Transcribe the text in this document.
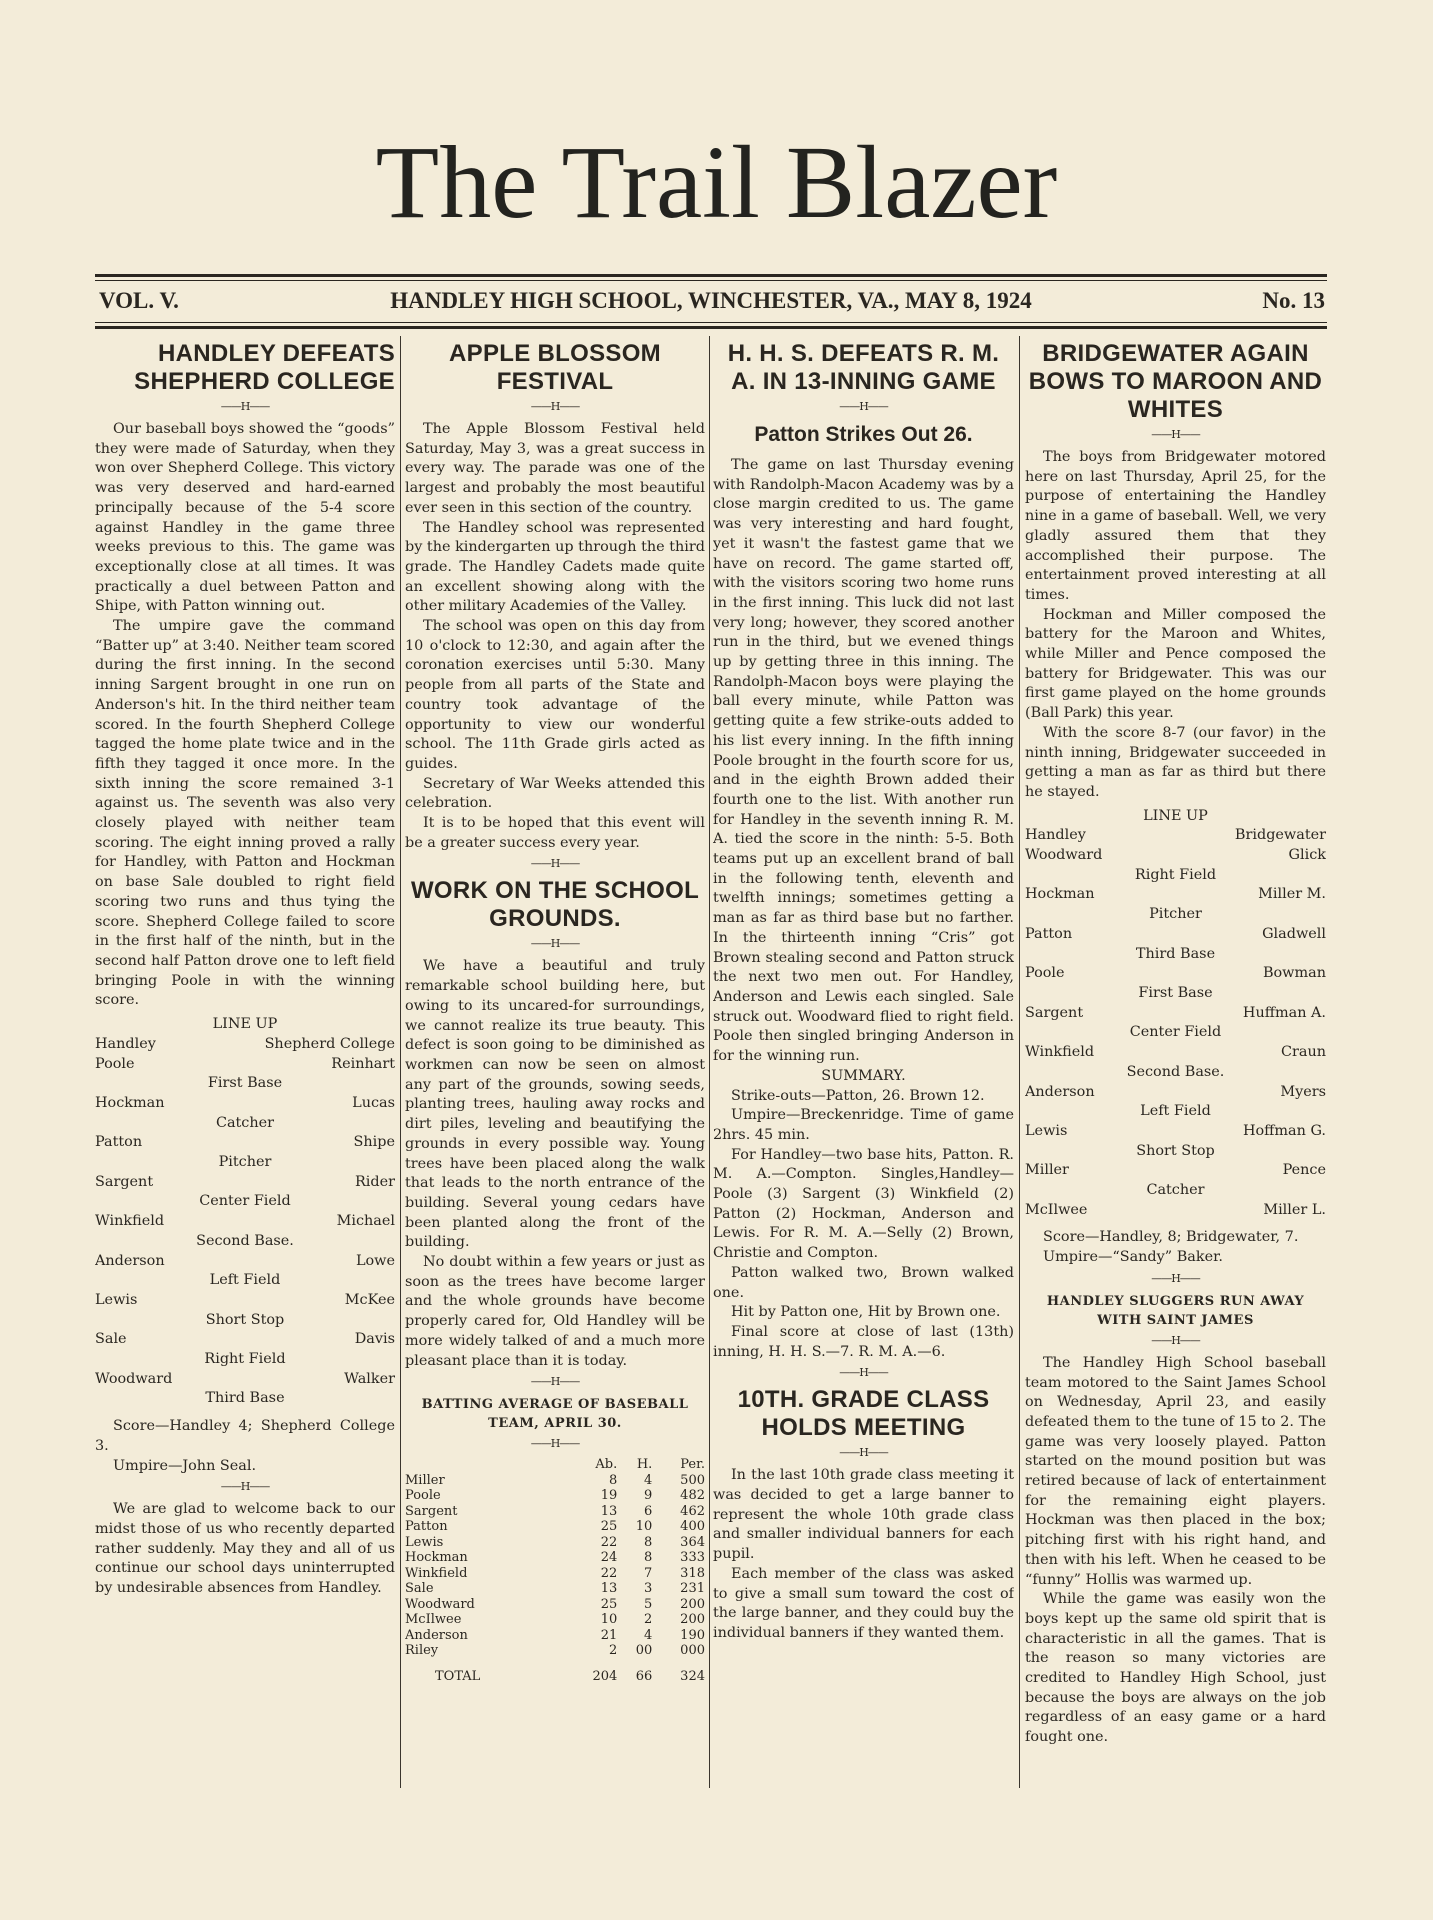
The Trail Blazer
VOL. V.	HANDLEY HIGH SCHOOL, WINCHESTER, VA., MAY 8, 1924	No. 13
HANDLEY DEFEATS SHEPHERD COLLEGE
——H——

Our baseball boys showed the “goods” they were made of Saturday, when they won over Shepherd College. This victory was very deserved and hard-earned principally because of the 5-4 score against Handley in the game three weeks previous to this. The game was exceptionally close at all times. It was practically a duel between Patton and Shipe, with Patton winning out.

The umpire gave the command “Batter up” at 3:40. Neither team scored during the first inning. In the second inning Sargent brought in one run on Anderson's hit. In the third neither team scored. In the fourth Shepherd College tagged the home plate twice and in the fifth they tagged it once more. In the sixth inning the score remained 3-1 against us. The seventh was also very closely played with neither team scoring. The eight inning proved a rally for Handley, with Patton and Hockman on base Sale doubled to right field scoring two runs and thus tying the score. Shepherd College failed to score in the first half of the ninth, but in the second half Patton drove one to left field bringing Poole in with the winning score.

LINE UP
Handley	Shepherd College
Poole	Reinhart
First Base
Hockman	Lucas
Catcher
Patton	Shipe
Pitcher
Sargent	Rider
Center Field
Winkfield	Michael
Second Base.
Anderson	Lowe
Left Field
Lewis	McKee
Short Stop
Sale	Davis
Right Field
Woodward	Walker
Third Base

Score—Handley 4; Shepherd College 3.

Umpire—John Seal.

——H——

We are glad to welcome back to our midst those of us who recently departed rather suddenly. May they and all of us continue our school days uninterrupted by undesirable absences from Handley.

APPLE BLOSSOM FESTIVAL
——H——

The Apple Blossom Festival held Saturday, May 3, was a great success in every way. The parade was one of the largest and probably the most beautiful ever seen in this section of the country.

The Handley school was represented by the kindergarten up through the third grade. The Handley Cadets made quite an excellent showing along with the other military Academies of the Valley.

The school was open on this day from 10 o'clock to 12:30, and again after the coronation exercises until 5:30. Many people from all parts of the State and country took advantage of the opportunity to view our wonderful school. The 11th Grade girls acted as guides.

Secretary of War Weeks attended this celebration.

It is to be hoped that this event will be a greater success every year.

——H——
WORK ON THE SCHOOL GROUNDS.
——H——

We have a beautiful and truly remarkable school building here, but owing to its uncared-for surroundings, we cannot realize its true beauty. This defect is soon going to be diminished as workmen can now be seen on almost any part of the grounds, sowing seeds, planting trees, hauling away rocks and dirt piles, leveling and beautifying the grounds in every possible way. Young trees have been placed along the walk that leads to the north entrance of the building. Several young cedars have been planted along the front of the building.

No doubt within a few years or just as soon as the trees have become larger and the whole grounds have become properly cared for, Old Handley will be more widely talked of and a much more pleasant place than it is today.

——H——
BATTING AVERAGE OF BASEBALL TEAM, APRIL 30.
——H——
	Ab.	H.	Per.
Miller	8	4	500
Poole	19	9	482
Sargent	13	6	462
Patton	25	10	400
Lewis	22	8	364
Hockman	24	8	333
Winkfield	22	7	318
Sale	13	3	231
Woodward	25	5	200
McIlwee	10	2	200
Anderson	21	4	190
Riley	2	00	000
TOTAL	204	66	324
H. H. S. DEFEATS R. M. A. IN 13-INNING GAME
——H——
Patton Strikes Out 26.

The game on last Thursday evening with Randolph-Macon Academy was by a close margin credited to us. The game was very interesting and hard fought, yet it wasn't the fastest game that we have on record. The game started off, with the visitors scoring two home runs in the first inning. This luck did not last very long; however, they scored another run in the third, but we evened things up by getting three in this inning. The Randolph-Macon boys were playing the ball every minute, while Patton was getting quite a few strike-outs added to his list every inning. In the fifth inning Poole brought in the fourth score for us, and in the eighth Brown added their fourth one to the list. With another run for Handley in the seventh inning R. M. A. tied the score in the ninth: 5-5. Both teams put up an excellent brand of ball in the following tenth, eleventh and twelfth innings; sometimes getting a man as far as third base but no farther. In the thirteenth inning “Cris” got Brown stealing second and Patton struck the next two men out. For Handley, Anderson and Lewis each singled. Sale struck out. Woodward flied to right field. Poole then singled bringing Anderson in for the winning run.

SUMMARY.

Strike-outs—Patton, 26. Brown 12.

Umpire—Breckenridge. Time of game 2hrs. 45 min.

For Handley—two base hits, Patton. R. M. A.—Compton. Singles,Handley—Poole (3) Sargent (3) Winkfield (2) Patton (2) Hockman, Anderson and Lewis. For R. M. A.—Selly (2) Brown, Christie and Compton.

Patton walked two, Brown walked one.

Hit by Patton one, Hit by Brown one.

Final score at close of last (13th) inning, H. H. S.—7. R. M. A.—6.

——H——
10TH. GRADE CLASS HOLDS MEETING
——H——

In the last 10th grade class meeting it was decided to get a large banner to represent the whole 10th grade class and smaller individual banners for each pupil.

Each member of the class was asked to give a small sum toward the cost of the large banner, and they could buy the individual banners if they wanted them.

BRIDGEWATER AGAIN BOWS TO MAROON AND WHITES
——H——

The boys from Bridgewater motored here on last Thursday, April 25, for the purpose of entertaining the Handley nine in a game of baseball. Well, we very gladly assured them that they accomplished their purpose. The entertainment proved interesting at all times.

Hockman and Miller composed the battery for the Maroon and Whites, while Miller and Pence composed the battery for Bridgewater. This was our first game played on the home grounds (Ball Park) this year.

With the score 8-7 (our favor) in the ninth inning, Bridgewater succeeded in getting a man as far as third but there he stayed.

LINE UP
Handley	Bridgewater
Woodward	Glick
Right Field
Hockman	Miller M.
Pitcher
Patton	Gladwell
Third Base
Poole	Bowman
First Base
Sargent	Huffman A.
Center Field
Winkfield	Craun
Second Base.
Anderson	Myers
Left Field
Lewis	Hoffman G.
Short Stop
Miller	Pence
Catcher
McIlwee	Miller L.

Score—Handley, 8; Bridgewater, 7.

Umpire—“Sandy” Baker.

——H——
HANDLEY SLUGGERS RUN AWAY WITH SAINT JAMES
——H——

The Handley High School baseball team motored to the Saint James School on Wednesday, April 23, and easily defeated them to the tune of 15 to 2. The game was very loosely played. Patton started on the mound position but was retired because of lack of entertainment for the remaining eight players. Hockman was then placed in the box; pitching first with his right hand, and then with his left. When he ceased to be “funny” Hollis was warmed up.

While the game was easily won the boys kept up the same old spirit that is characteristic in all the games. That is the reason so many victories are credited to Handley High School, just because the boys are always on the job regardless of an easy game or a hard fought one.
